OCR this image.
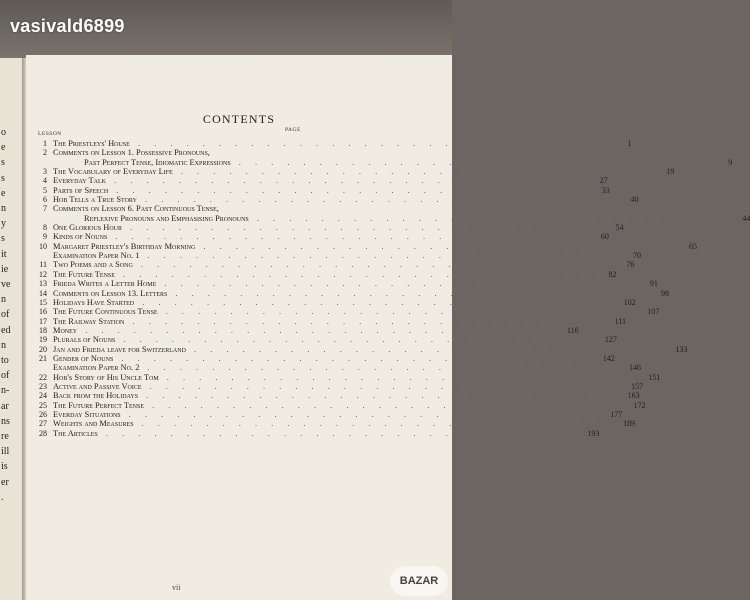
o
e
s
s
e
n
y
s
it
ie
ve
n
of
ed
n
to
of
n-
ar
ns
re
ill
is
er
.
CONTENTS
LESSON
PAGE
1 The Priestleys' House . . . . . . . . . . . . . . . . . . . . . . . . . . . . . .	1
2 Comments on Lesson 1. Possessive Pronouns,
Past Perfect Tense, Idiomatic Expressions . . . . . . . . . . . . . . . . . . . . . . . . . . . . . .	9
3 The Vocabulary of Everyday Life . . . . . . . . . . . . . . . . . . . . . . . . . . . . . .	19
4 Everyday Talk . . . . . . . . . . . . . . . . . . . . . . . . . . . . . .	27
5 Parts of Speech . . . . . . . . . . . . . . . . . . . . . . . . . . . . . .	33
6 Hob Tells a True Story . . . . . . . . . . . . . . . . . . . . . . . . . . . . . .	40
7 Comments on Lesson 6. Past Continuous Tense,
Reflexive Pronouns and Emphasising Pronouns . . . . . . . . . . . . . . . . . . . . . . . . . . . . . .	44
8 One Glorious Hour . . . . . . . . . . . . . . . . . . . . . . . . . . . . . .	54
9 Kinds of Nouns . . . . . . . . . . . . . . . . . . . . . . . . . . . . . .	60
10 Margaret Priestley's Birthday Morning . . . . . . . . . . . . . . . . . . . . . . . . . . . . . .	65
Examination Paper No. 1 . . . . . . . . . . . . . . . . . . . . . . . . . . . . . .	70
11 Two Poems and a Song . . . . . . . . . . . . . . . . . . . . . . . . . . . . . .	76
12 The Future Tense . . . . . . . . . . . . . . . . . . . . . . . . . . . . . .	82
13 Frieda Writes a Letter Home . . . . . . . . . . . . . . . . . . . . . . . . . . . . . .	91
14 Comments on Lesson 13. Letters . . . . . . . . . . . . . . . . . . . . . . . . . . . . . .	98
15 Holidays Have Started . . . . . . . . . . . . . . . . . . . . . . . . . . . . . . 102
16 The Future Continuous Tense . . . . . . . . . . . . . . . . . . . . . . . . . . . . . . 107
17 The Railway Station . . . . . . . . . . . . . . . . . . . . . . . . . . . . . . 111
18 Money . . . . . . . . . . . . . . . . . . . . . . . . . . . . . . 116
19 Plurals of Nouns . . . . . . . . . . . . . . . . . . . . . . . . . . . . . . 127
20 Jan and Frieda leave for Switzerland . . . . . . . . . . . . . . . . . . . . . . . . . . . . . . 133
21 Gender of Nouns . . . . . . . . . . . . . . . . . . . . . . . . . . . . . . 142
Examination Paper No. 2 . . . . . . . . . . . . . . . . . . . . . . . . . . . . . . 146
22 Hob's Story of His Uncle Tom . . . . . . . . . . . . . . . . . . . . . . . . . . . . . . 151
23 Active and Passive Voice . . . . . . . . . . . . . . . . . . . . . . . . . . . . . . 157
24 Back from the Holidays . . . . . . . . . . . . . . . . . . . . . . . . . . . . . . 163
25 The Future Perfect Tense . . . . . . . . . . . . . . . . . . . . . . . . . . . . . . 172
26 Everday Situations . . . . . . . . . . . . . . . . . . . . . . . . . . . . . . 177
27 Weights and Measures . . . . . . . . . . . . . . . . . . . . . . . . . . . . . . 189
28 The Articles . . . . . . . . . . . . . . . . . . . . . . . . . . . . . . 193
vii
vasivald6899
BAZAR
